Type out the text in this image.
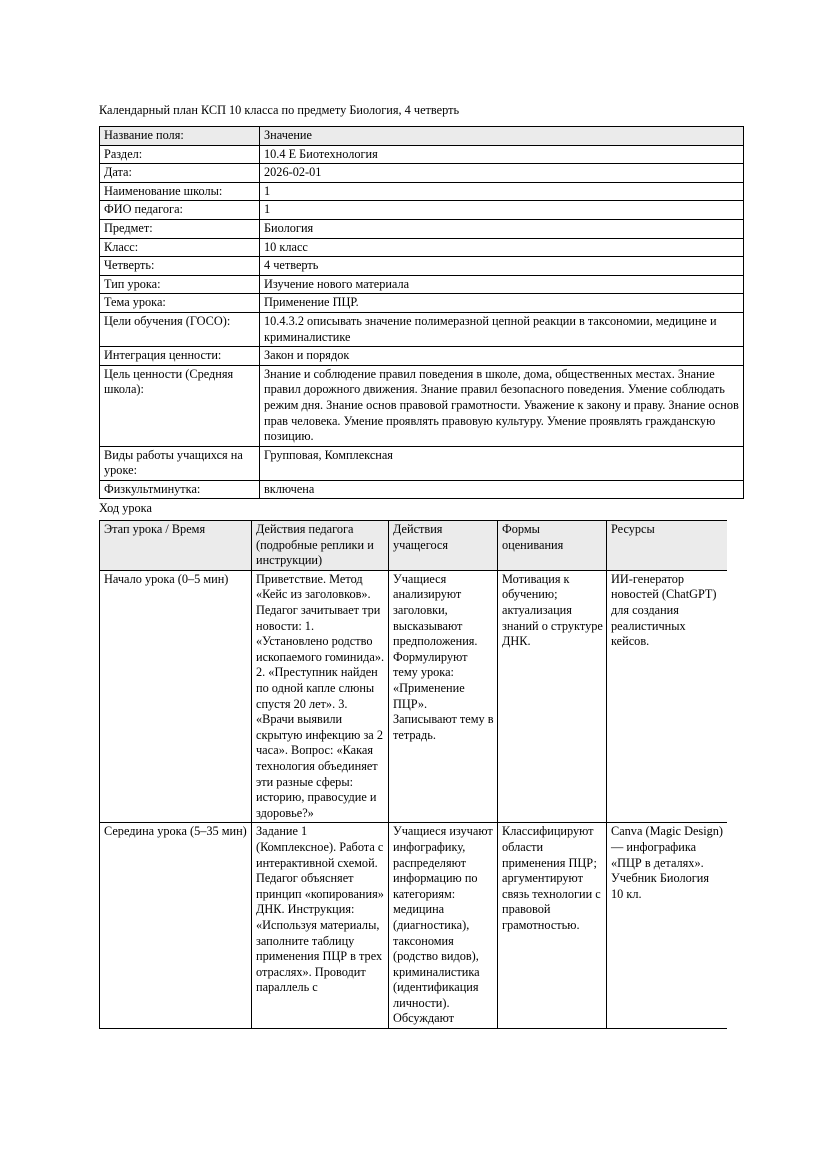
Календарный план КСП 10 класса по предмету Биология, 4 четверть
Название поля:	Значение
Раздел:	10.4 E Биотехнология
Дата:	2026-02-01
Наименование школы:	1
ФИО педагога:	1
Предмет:	Биология
Класс:	10 класс
Четверть:	4 четверть
Тип урока:	Изучение нового материала
Тема урока:	Применение ПЦР.
Цели обучения (ГОСО):	10.4.3.2 описывать значение полимеразной цепной реакции в таксономии, медицине и криминалистике
Интеграция ценности:	Закон и порядок
Цель ценности (Средняя школа):	Знание и соблюдение правил поведения в школе, дома, общественных местах. Знание правил дорожного движения. Знание правил безопасного поведения. Умение соблюдать режим дня. Знание основ правовой грамотности. Уважение к закону и праву. Знание основ прав человека. Умение проявлять правовую культуру. Умение проявлять гражданскую позицию.
Виды работы учащихся на уроке:	Групповая, Комплексная
Физкультминутка:	включена
Ход урока
Этап урока / Время	Действия педагога (подробные реплики и инструкции)	Действия учащегося	Формы оценивания	Ресурсы
Начало урока (0–5 мин)	Приветствие. Метод «Кейс из заголовков». Педагог зачитывает три новости: 1. «Установлено родство ископаемого гоминида». 2. «Преступник найден по одной капле слюны спустя 20 лет». 3. «Врачи выявили скрытую инфекцию за 2 часа». Вопрос: «Какая технология объединяет эти разные сферы: историю, правосудие и здоровье?»	Учащиеся анализируют заголовки, высказывают предположения. Формулируют тему урока: «Применение ПЦР». Записывают тему в тетрадь.	Мотивация к обучению; актуализация знаний о структуре ДНК.	ИИ-генератор новостей (ChatGPT) для создания реалистичных кейсов.
Середина урока (5–35 мин)	Задание 1 (Комплексное). Работа с интерактивной схемой. Педагог объясняет принцип «копирования» ДНК. Инструкция: «Используя материалы, заполните таблицу применения ПЦР в трех отраслях». Проводит параллель с	Учащиеся изучают инфографику, распределяют информацию по категориям: медицина (диагностика), таксономия (родство видов), криминалистика (идентификация личности). Обсуждают	Классифицируют области применения ПЦР; аргументируют связь технологии с правовой грамотностью.	Canva (Magic Design) — инфографика «ПЦР в деталях». Учебник Биология 10 кл.
